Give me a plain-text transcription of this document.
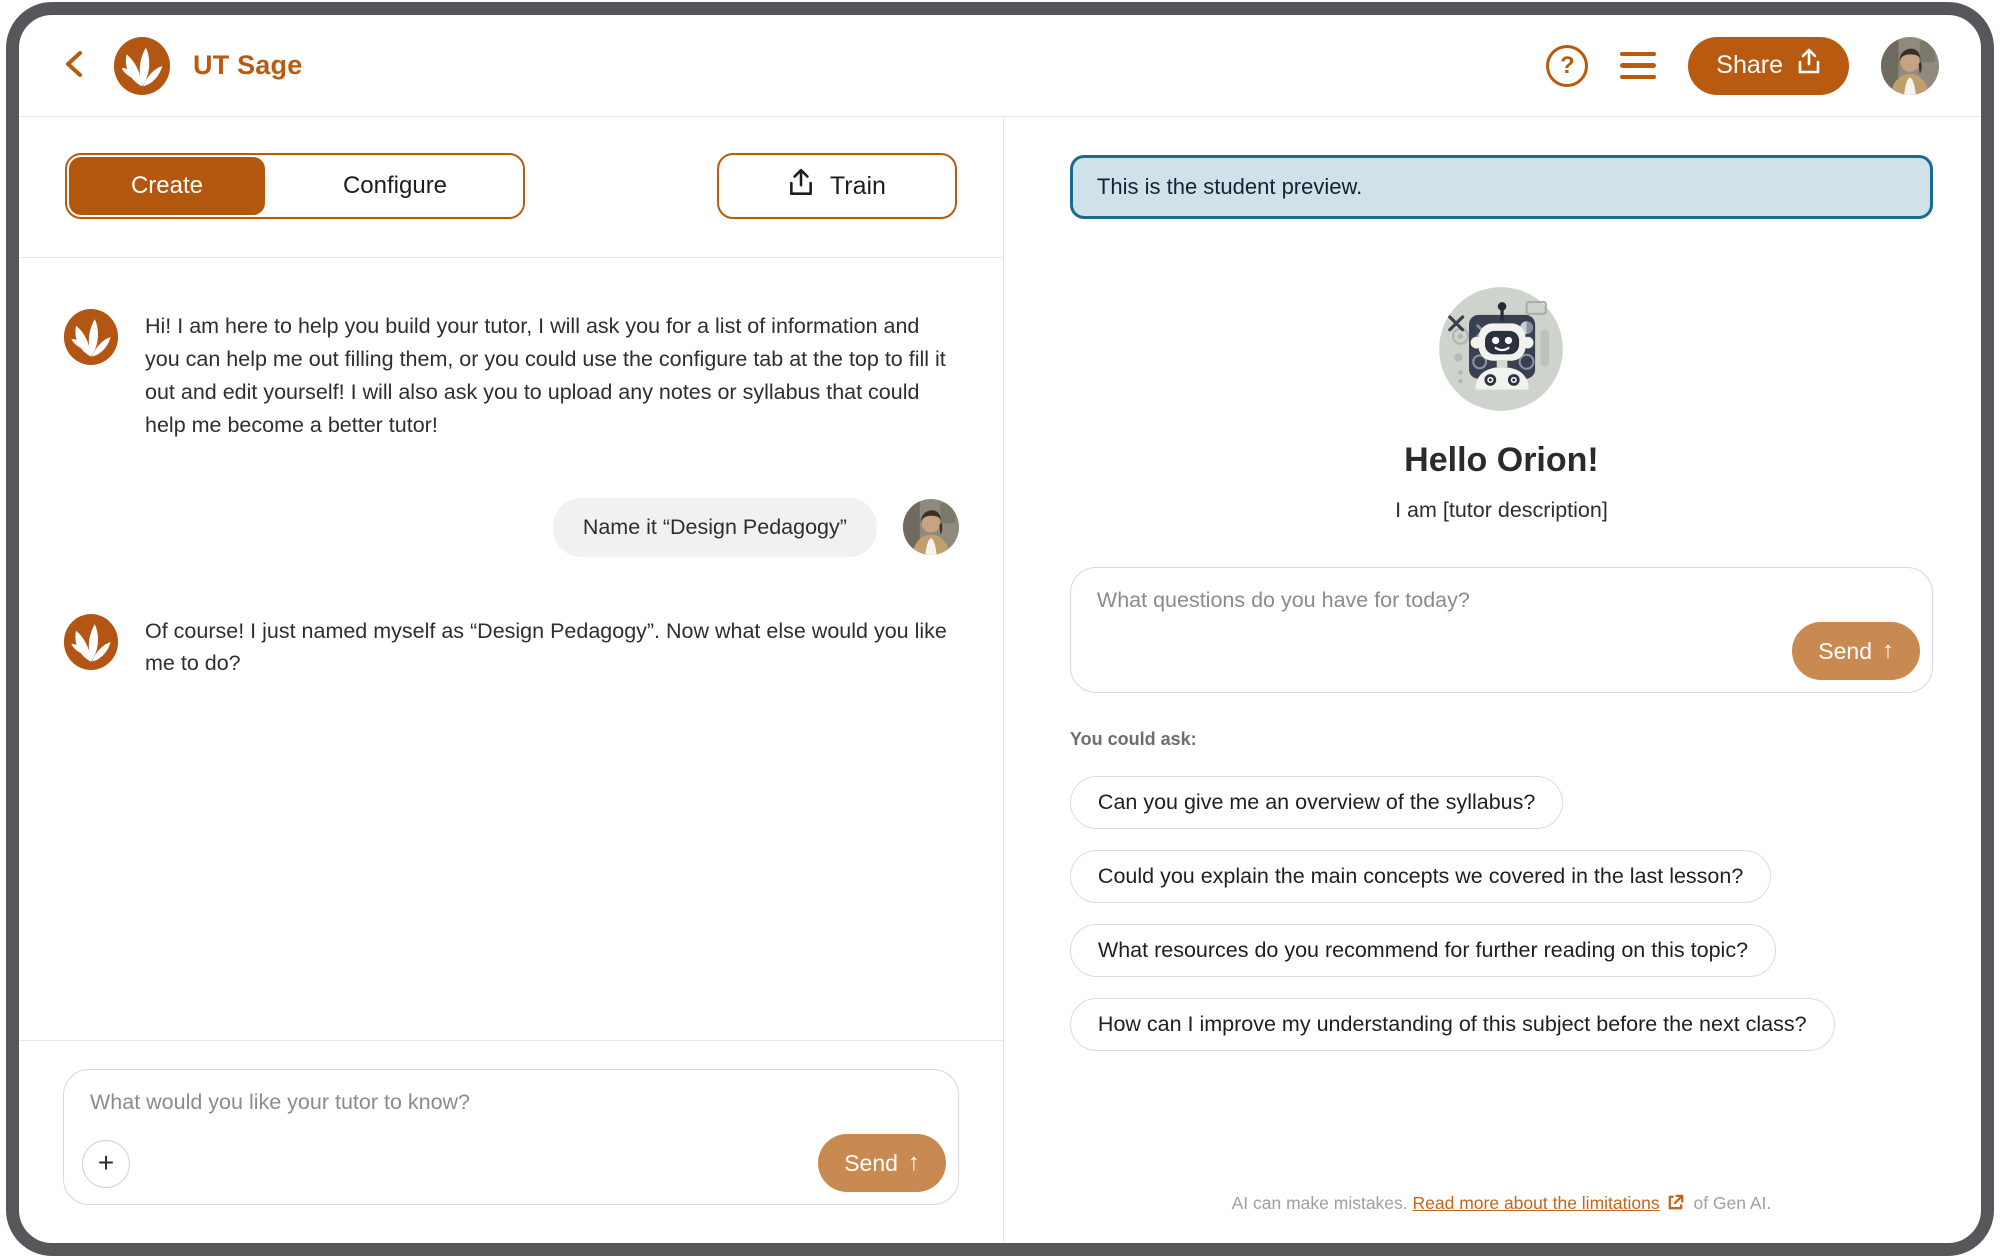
UT Sage	?	Share
Create	Configure	Train
Hi! I am here to help you build your tutor, I will ask you for a list of information and you can help me out filling them, or you could use the configure tab at the top to fill it out and edit yourself! I will also ask you to upload any notes or syllabus that could help me become a better tutor!
Name it “Design Pedagogy”
Of course! I just named myself as “Design Pedagogy”. Now what else would you like me to do?
What would you like your tutor to know?
+	Send ↑
This is the student preview.
Hello Orion!
I am [tutor description]
What questions do you have for today?
Send ↑
You could ask:
Can you give me an overview of the syllabus?
Could you explain the main concepts we covered in the last lesson?
What resources do you recommend for further reading on this topic?
How can I improve my understanding of this subject before the next class?
AI can make mistakes. Read more about the limitations of Gen AI.
